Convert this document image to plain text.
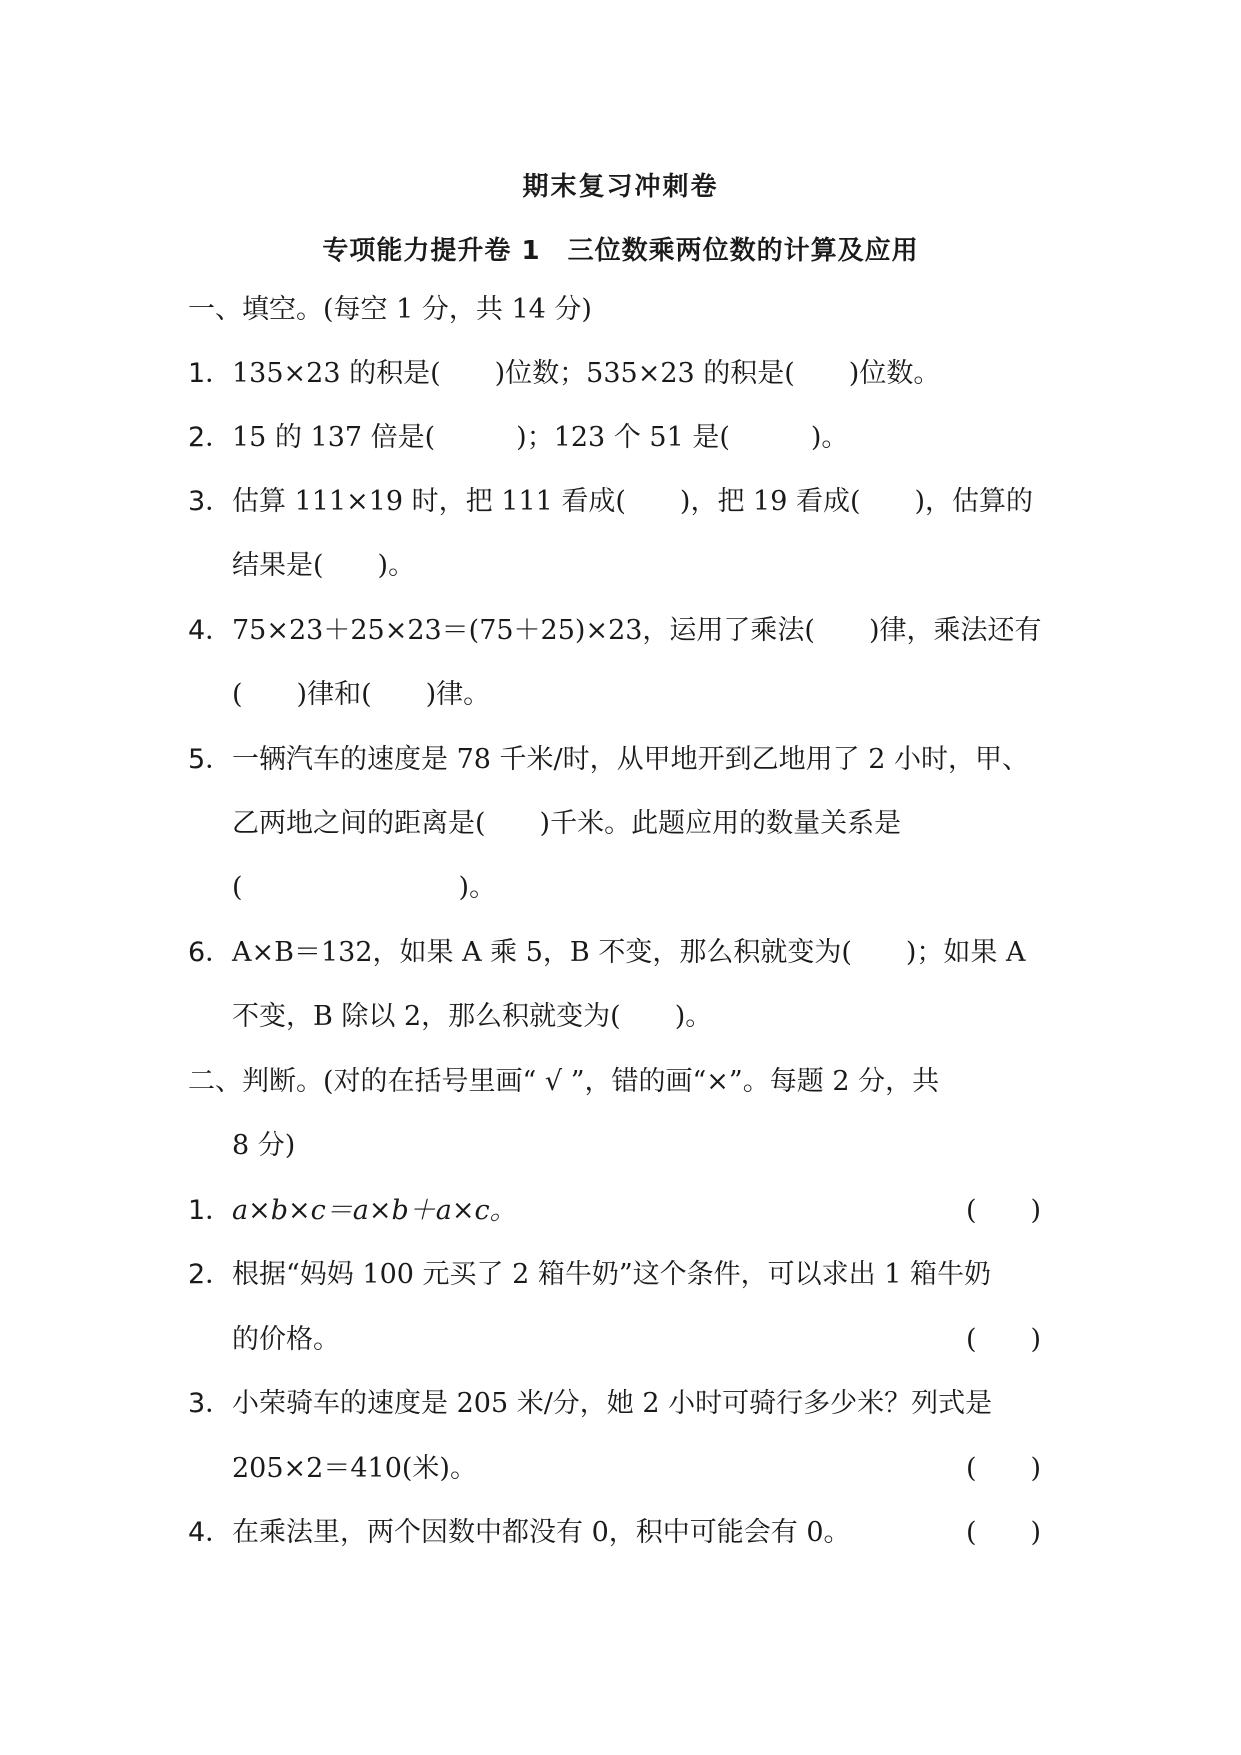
期末复习冲刺卷
专项能力提升卷 1　三位数乘两位数的计算及应用
一、填空。(每空 1 分，共 14 分)
1．135×23 的积是(　　)位数；535×23 的积是(　　)位数。
2．15 的 137 倍是(　　　)；123 个 51 是(　　　)。
3．估算 111×19 时，把 111 看成(　　)，把 19 看成(　　)，估算的
结果是(　　)。
4．75×23＋25×23＝(75＋25)×23，运用了乘法(　　)律，乘法还有
(　　)律和(　　)律。
5．一辆汽车的速度是 78 千米/时，从甲地开到乙地用了 2 小时，甲、
乙两地之间的距离是(　　)千米。此题应用的数量关系是
(　　　　　　　　)。
6．A×B＝132，如果 A 乘 5，B 不变，那么积就变为(　　)；如果 A
不变，B 除以 2，那么积就变为(　　)。
二、判断。(对的在括号里画“ √ ”，错的画“×”。每题 2 分，共
8 分)
1．a×b×c＝a×b＋a×c。	(　　)
2．根据“妈妈 100 元买了 2 箱牛奶”这个条件，可以求出 1 箱牛奶
的价格。	(　　)
3．小荣骑车的速度是 205 米/分，她 2 小时可骑行多少米？列式是
205×2＝410(米)。	(　　)
4．在乘法里，两个因数中都没有 0，积中可能会有 0。	(　　)
